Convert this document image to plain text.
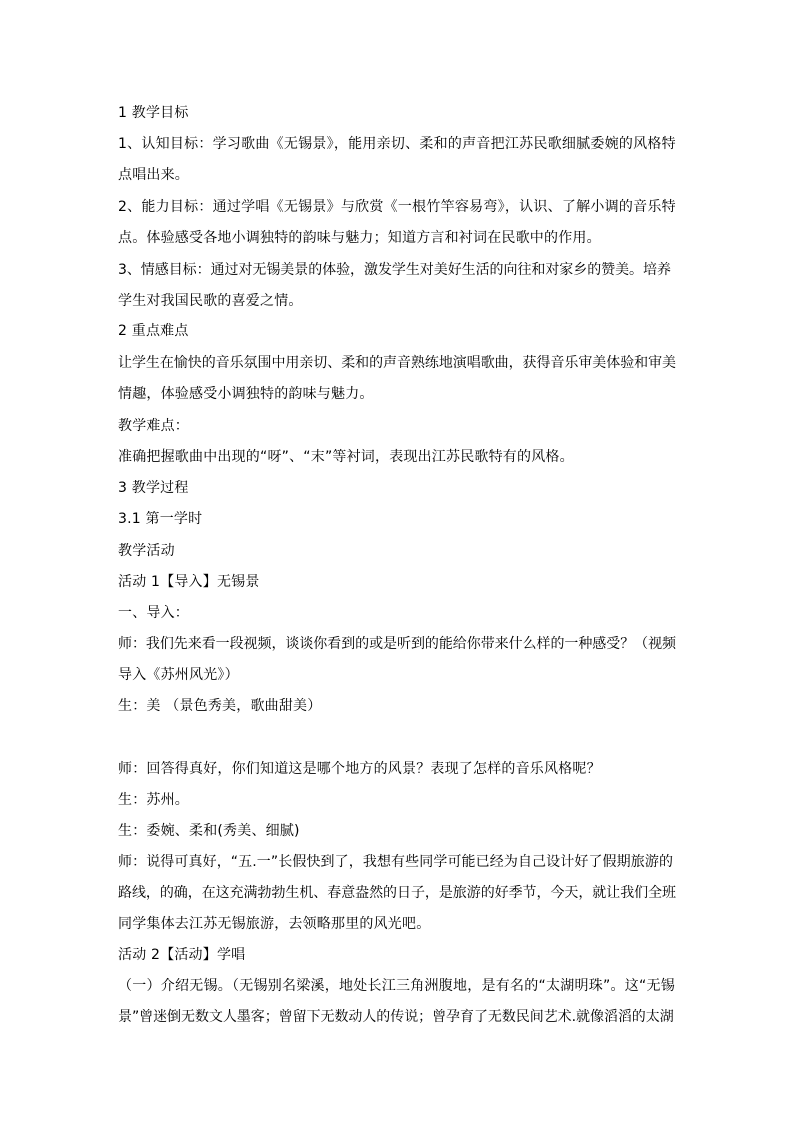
1 教学目标

1、认知目标：学习歌曲《无锡景》，能用亲切、柔和的声音把江苏民歌细腻委婉的风格特

点唱出来。

2、能力目标：通过学唱《无锡景》与欣赏《一根竹竿容易弯》，认识、了解小调的音乐特

点。体验感受各地小调独特的韵味与魅力；知道方言和衬词在民歌中的作用。

3、情感目标：通过对无锡美景的体验，激发学生对美好生活的向往和对家乡的赞美。培养

学生对我国民歌的喜爱之情。

2 重点难点

让学生在愉快的音乐氛围中用亲切、柔和的声音熟练地演唱歌曲，获得音乐审美体验和审美

情趣，体验感受小调独特的韵味与魅力。

教学难点：

准确把握歌曲中出现的“呀”、“末”等衬词，表现出江苏民歌特有的风格。

3 教学过程

3.1 第一学时

教学活动

活动 1【导入】无锡景

一、导入：

师：我们先来看一段视频，谈谈你看到的或是听到的能给你带来什么样的一种感受？（视频

导入《苏州风光》）

生：美 （景色秀美，歌曲甜美）

师：回答得真好，你们知道这是哪个地方的风景？表现了怎样的音乐风格呢？

生：苏州。

生：委婉、柔和(秀美、细腻)

师：说得可真好，“五.一”长假快到了，我想有些同学可能已经为自己设计好了假期旅游的

路线，的确，在这充满勃勃生机、春意盎然的日子，是旅游的好季节，今天，就让我们全班

同学集体去江苏无锡旅游，去领略那里的风光吧。

活动 2【活动】学唱

（一）介绍无锡。（无锡别名梁溪，地处长江三角洲腹地，是有名的“太湖明珠”。这“无锡

景”曾迷倒无数文人墨客；曾留下无数动人的传说；曾孕育了无数民间艺术.就像滔滔的太湖
